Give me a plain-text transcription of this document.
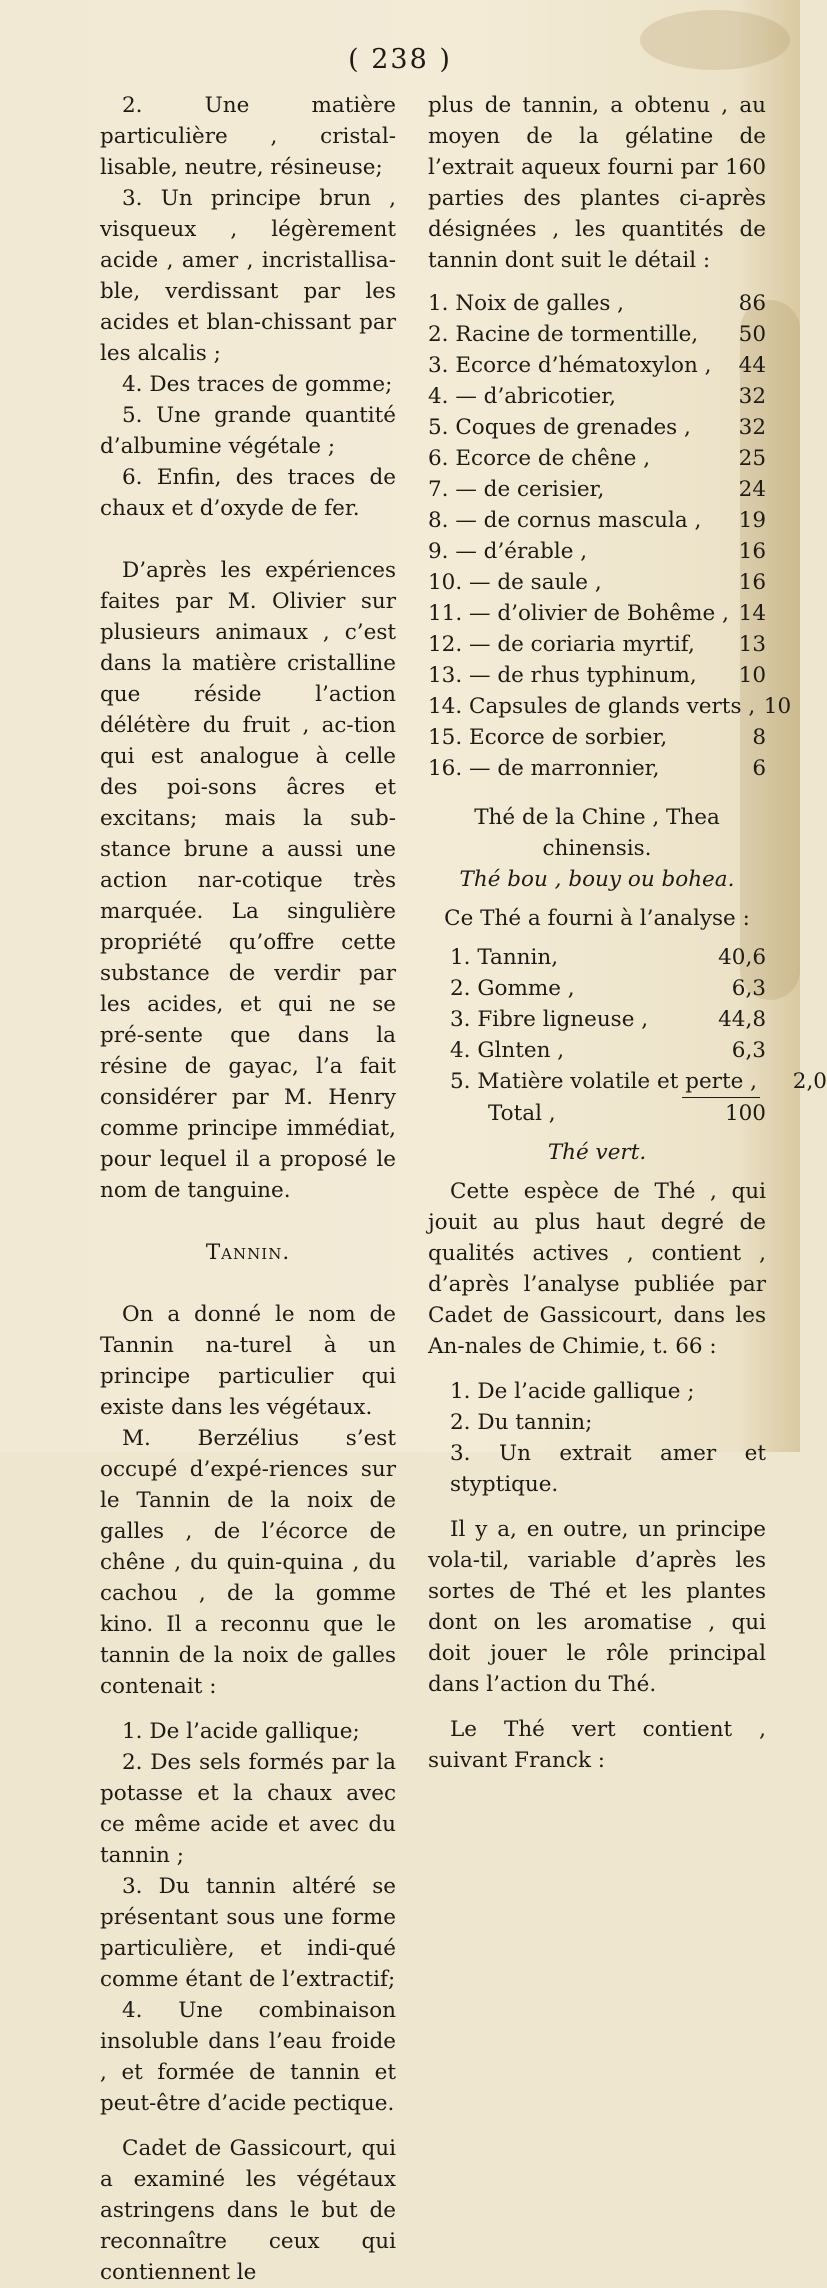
( 238 )

2. Une matière particulière , cristal-lisable, neutre, résineuse;

3. Un principe brun , visqueux , légèrement acide , amer , incristallisa-ble, verdissant par les acides et blan-chissant par les alcalis ;

4. Des traces de gomme;

5. Une grande quantité d’albumine végétale ;

6. Enfin, des traces de chaux et d’oxyde de fer.

D’après les expériences faites par M. Olivier sur plusieurs animaux , c’est dans la matière cristalline que réside l’action délétère du fruit , ac-tion qui est analogue à celle des poi-sons âcres et excitans; mais la sub-stance brune a aussi une action nar-cotique très marquée. La singulière propriété qu’offre cette substance de verdir par les acides, et qui ne se pré-sente que dans la résine de gayac, l’a fait considérer par M. Henry comme principe immédiat, pour lequel il a proposé le nom de tanguine.

Tannin.

On a donné le nom de Tannin na-turel à un principe particulier qui existe dans les végétaux.

M. Berzélius s’est occupé d’expé-riences sur le Tannin de la noix de galles , de l’écorce de chêne , du quin-quina , du cachou , de la gomme kino. Il a reconnu que le tannin de la noix de galles contenait :

1. De l’acide gallique;

2. Des sels formés par la potasse et la chaux avec ce même acide et avec du tannin ;

3. Du tannin altéré se présentant sous une forme particulière, et indi-qué comme étant de l’extractif;

4. Une combinaison insoluble dans l’eau froide , et formée de tannin et peut-être d’acide pectique.

Cadet de Gassicourt, qui a examiné les végétaux astringens dans le but de reconnaître ceux qui contiennent le

plus de tannin, a obtenu , au moyen de la gélatine de l’extrait aqueux fourni par 160 parties des plantes ci-après désignées , les quantités de tannin dont suit le détail :

1. Noix de galles ,	86
2. Racine de tormentille,	50
3. Ecorce d’hématoxylon ,	44
4. — d’abricotier,	32
5. Coques de grenades ,	32
6. Ecorce de chêne ,	25
7. — de cerisier,	24
8. — de cornus mascula ,	19
9. — d’érable ,	16
10. — de saule ,	16
11. — d’olivier de Bohême , 14
12. — de coriaria myrtif,	13
13. — de rhus typhinum,	10
14. Capsules de glands verts , 10
15. Ecorce de sorbier,	8
16. — de marronnier,	6

Thé de la Chine , Thea chinensis.

Thé bou , bouy ou bohea.

Ce Thé a fourni à l’analyse :

1. Tannin,	40,6
2. Gomme ,	6,3
3. Fibre ligneuse ,	44,8
4. Glnten ,	6,3
5. Matière volatile et perte ,	2,0
Total ,	100

Thé vert.

Cette espèce de Thé , qui jouit au plus haut degré de qualités actives , contient , d’après l’analyse publiée par Cadet de Gassicourt, dans les An-nales de Chimie, t. 66 :

1. De l’acide gallique ;

2. Du tannin;

3. Un extrait amer et styptique.

Il y a, en outre, un principe vola-til, variable d’après les sortes de Thé et les plantes dont on les aromatise , qui doit jouer le rôle principal dans l’action du Thé.

Le Thé vert contient , suivant Franck :
